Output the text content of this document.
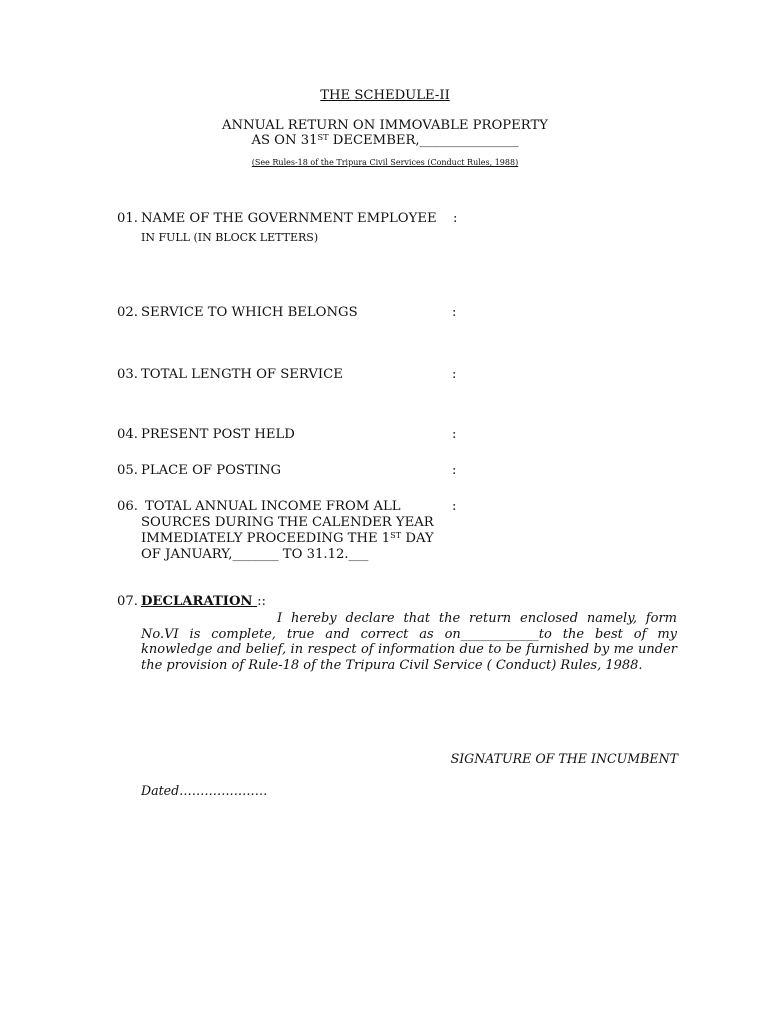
THE SCHEDULE-II
ANNUAL RETURN ON IMMOVABLE PROPERTY
AS ON 31ST DECEMBER,_______________
(See Rules-18 of the Tripura Civil Services (Conduct Rules, 1988)
01. NAME OF THE GOVERNMENT EMPLOYEE :
IN FULL (IN BLOCK LETTERS)
02. SERVICE TO WHICH BELONGS	:
03. TOTAL LENGTH OF SERVICE	:
04. PRESENT POST HELD	:
05. PLACE OF POSTING	:
06. TOTAL ANNUAL INCOME FROM ALL	:
SOURCES DURING THE CALENDER YEAR
IMMEDIATELY PROCEEDING THE 1ST DAY
OF JANUARY,_______ TO 31.12.___
07. DECLARATION ::
I hereby declare that the return enclosed namely, form No.VI is complete, true and correct as on____________to the best of my knowledge and belief, in respect of information due to be furnished by me under the provision of Rule-18 of the Tripura Civil Service ( Conduct) Rules, 1988.
SIGNATURE OF THE INCUMBENT
Dated…………………
